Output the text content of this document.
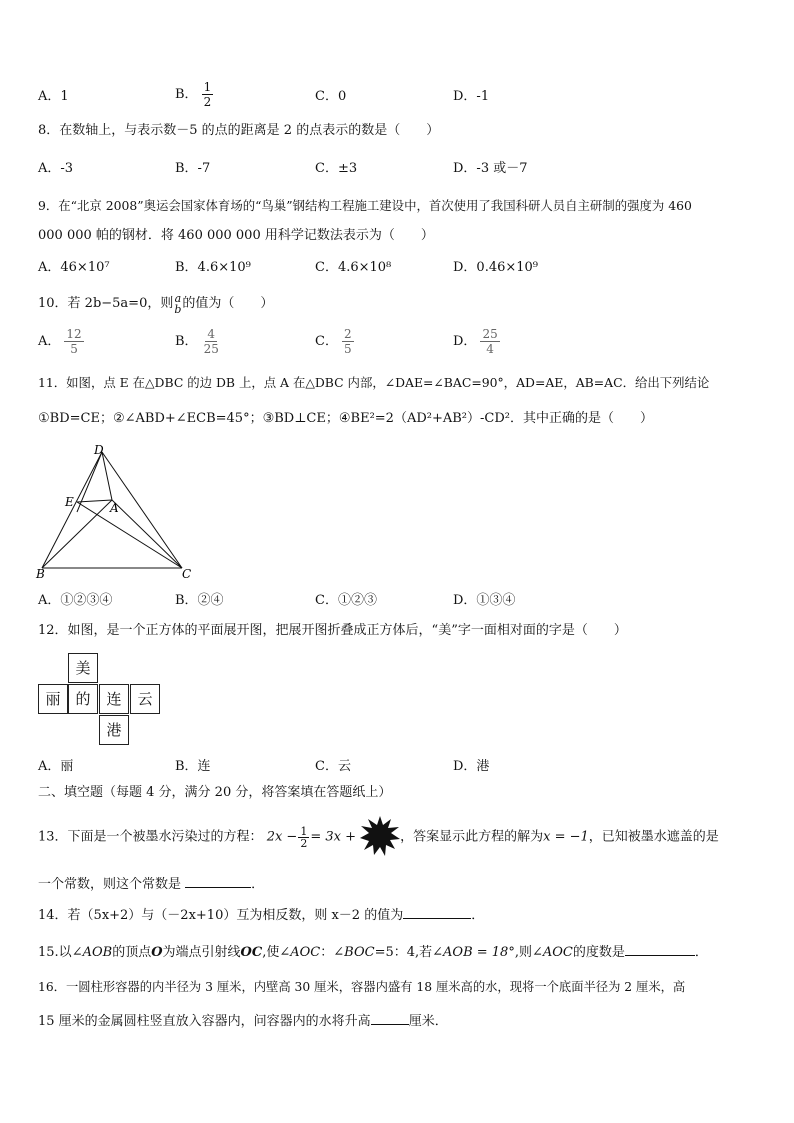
A．1	B． $\frac{1}{2}$	C．0	D．-1
8．在数轴上，与表示数－5 的点的距离是 2 的点表示的数是（　　）
A．-3	B．-7	C．±3	D．-3 或－7
9．在“北京 2008”奥运会国家体育场的“鸟巢”钢结构工程施工建设中，首次使用了我国科研人员自主研制的强度为 460
000 000 帕的钢材．将 460 000 000 用科学记数法表示为（　　）
A．46×10⁷	B．4.6×10⁹	C．4.6×10⁸	D．0.46×10⁹
10．若 2b−5a=0，则 a
b 的值为（　　）
A． $\frac{12}{5}$	B． $\frac{4}{25}$	C． $\frac{2}{5}$	D． $\frac{25}{4}$
11．如图，点 E 在△DBC 的边 DB 上，点 A 在△DBC 内部，∠DAE=∠BAC=90°，AD=AE，AB=AC．给出下列结论
①BD=CE；②∠ABD+∠ECB=45°；③BD⊥CE；④BE²=2（AD²+AB²）-CD²．其中正确的是（　　）
D
E	A
B	C
A．①②③④	B．②④	C．①②③	D．①③④
12．如图，是一个正方体的平面展开图，把展开图折叠成正方体后，“美”字一面相对面的字是（　　）
美
丽 的	连	云
港
A．丽	B．连	C．云	D．港
二、填空题（每题 4 分，满分 20 分，将答案填在答题纸上）
13．下面是一个被墨水污染过的方程： $2x - \frac{1}{2} = 3x$ +	，答案显示此方程的解为x = −1，已知被墨水遮盖的是
一个常数，则这个常数是	．
14．若（5x+2）与（－2x+10）互为相反数，则 x－2 的值为	．
15.以∠AOB的顶点O为端点引射线OC,使∠AOC：∠BOC=5：4,若∠AOB = 18°,则∠AOC的度数是	．
16．一圆柱形容器的内半径为 3 厘米，内壁高 30 厘米，容器内盛有 18 厘米高的水，现将一个底面半径为 2 厘米，高
15 厘米的金属圆柱竖直放入容器内，问容器内的水将升高	厘米．
